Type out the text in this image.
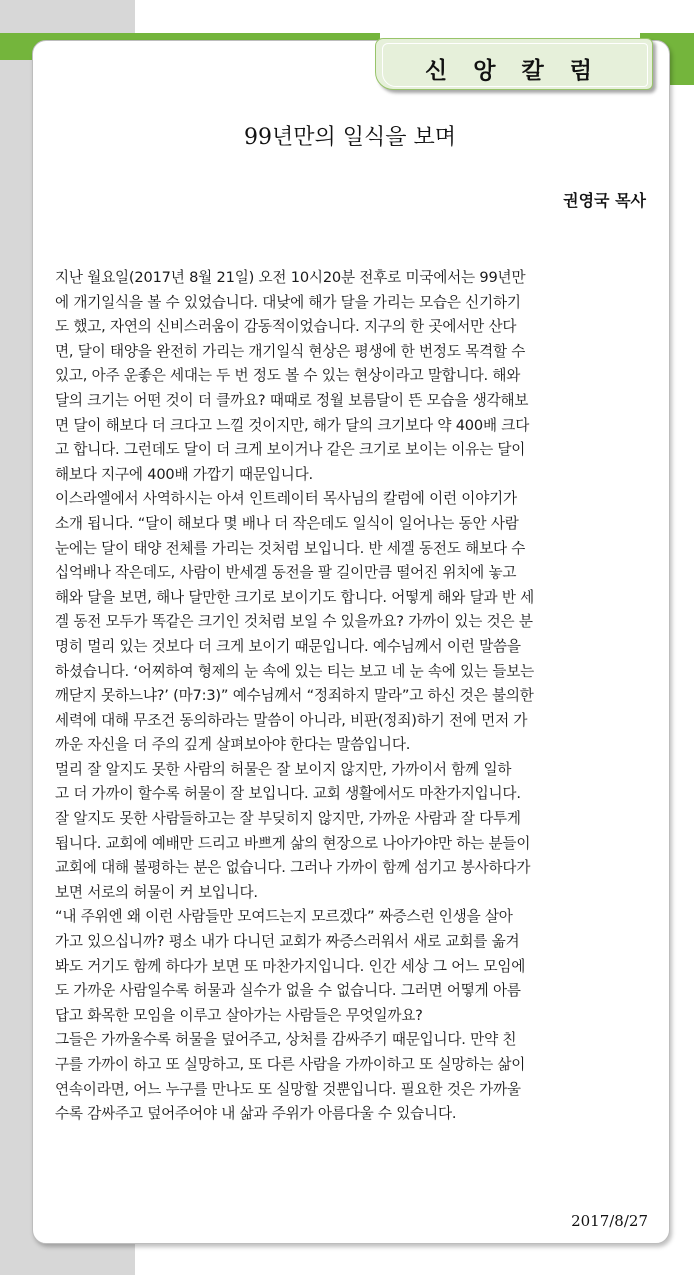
신 앙 칼 럼
99년만의 일식을 보며
권영국 목사
지난 월요일(2017년 8월 21일) 오전 10시20분 전후로 미국에서는 99년만
에 개기일식을 볼 수 있었습니다. 대낮에 해가 달을 가리는 모습은 신기하기
도 했고, 자연의 신비스러움이 감동적이었습니다. 지구의 한 곳에서만 산다
면, 달이 태양을 완전히 가리는 개기일식 현상은 평생에 한 번정도 목격할 수
있고, 아주 운좋은 세대는 두 번 정도 볼 수 있는 현상이라고 말합니다. 해와
달의 크기는 어떤 것이 더 클까요? 때때로 정월 보름달이 뜬 모습을 생각해보
면 달이 해보다 더 크다고 느낄 것이지만, 해가 달의 크기보다 약 400배 크다
고 합니다. 그런데도 달이 더 크게 보이거나 같은 크기로 보이는 이유는 달이
해보다 지구에 400배 가깝기 때문입니다.
이스라엘에서 사역하시는 아셔 인트레이터 목사님의 칼럼에 이런 이야기가
소개 됩니다. “달이 해보다 몇 배나 더 작은데도 일식이 일어나는 동안 사람
눈에는 달이 태양 전체를 가리는 것처럼 보입니다. 반 세겔 동전도 해보다 수
십억배나 작은데도, 사람이 반세겔 동전을 팔 길이만큼 떨어진 위치에 놓고
해와 달을 보면, 해나 달만한 크기로 보이기도 합니다. 어떻게 해와 달과 반 세
겔 동전 모두가 똑같은 크기인 것처럼 보일 수 있을까요? 가까이 있는 것은 분
명히 멀리 있는 것보다 더 크게 보이기 때문입니다. 예수님께서 이런 말씀을
하셨습니다. ‘어찌하여 형제의 눈 속에 있는 티는 보고 네 눈 속에 있는 들보는
깨닫지 못하느냐?’ (마7:3)” 예수님께서 “정죄하지 말라”고 하신 것은 불의한
세력에 대해 무조건 동의하라는 말씀이 아니라, 비판(정죄)하기 전에 먼저 가
까운 자신을 더 주의 깊게 살펴보아야 한다는 말씀입니다.
멀리 잘 알지도 못한 사람의 허물은 잘 보이지 않지만, 가까이서 함께 일하
고 더 가까이 할수록 허물이 잘 보입니다. 교회 생활에서도 마찬가지입니다.
잘 알지도 못한 사람들하고는 잘 부딪히지 않지만, 가까운 사람과 잘 다투게
됩니다. 교회에 예배만 드리고 바쁘게 삶의 현장으로 나아가야만 하는 분들이
교회에 대해 불평하는 분은 없습니다. 그러나 가까이 함께 섬기고 봉사하다가
보면 서로의 허물이 커 보입니다.
“내 주위엔 왜 이런 사람들만 모여드는지 모르겠다” 짜증스런 인생을 살아
가고 있으십니까? 평소 내가 다니던 교회가 짜증스러워서 새로 교회를 옮겨
봐도 거기도 함께 하다가 보면 또 마찬가지입니다. 인간 세상 그 어느 모임에
도 가까운 사람일수록 허물과 실수가 없을 수 없습니다. 그러면 어떻게 아름
답고 화목한 모임을 이루고 살아가는 사람들은 무엇일까요?
그들은 가까울수록 허물을 덮어주고, 상처를 감싸주기 때문입니다. 만약 친
구를 가까이 하고 또 실망하고, 또 다른 사람을 가까이하고 또 실망하는 삶이
연속이라면, 어느 누구를 만나도 또 실망할 것뿐입니다. 필요한 것은 가까울
수록 감싸주고 덮어주어야 내 삶과 주위가 아름다울 수 있습니다.
2017/8/27
